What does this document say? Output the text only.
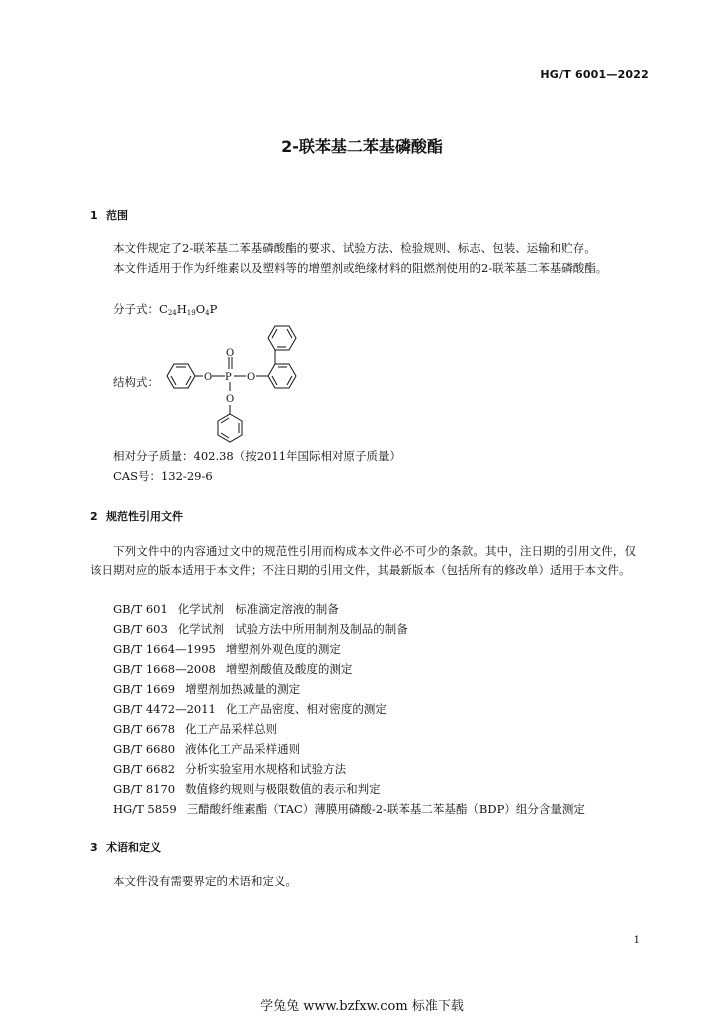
HG/T 6001—2022
2-联苯基二苯基磷酸酯
1 范围
本文件规定了2-联苯基二苯基磷酸酯的要求、试验方法、检验规则、标志、包装、运输和贮存。
本文件适用于作为纤维素以及塑料等的增塑剂或绝缘材料的阻燃剂使用的2-联苯基二苯基磷酸酯。
分子式：$C_{24}H_{19}O_4P$
结构式：	O P
O
O
O
相对分子质量：402.38（按2011年国际相对原子质量）
CAS号：132-29-6
2 规范性引用文件
下列文件中的内容通过文中的规范性引用而构成本文件必不可少的条款。其中，注日期的引用文件，仅该日期对应的版本适用于本文件；不注日期的引用文件，其最新版本（包括所有的修改单）适用于本文件。
GB/T 601 化学试剂　标准滴定溶液的制备
GB/T 603 化学试剂　试验方法中所用制剂及制品的制备
GB/T 1664—1995 增塑剂外观色度的测定
GB/T 1668—2008 增塑剂酸值及酸度的测定
GB/T 1669 增塑剂加热减量的测定
GB/T 4472—2011 化工产品密度、相对密度的测定
GB/T 6678 化工产品采样总则
GB/T 6680 液体化工产品采样通则
GB/T 6682 分析实验室用水规格和试验方法
GB/T 8170 数值修约规则与极限数值的表示和判定
HG/T 5859 三醋酸纤维素酯（TAC）薄膜用磷酸-2-联苯基二苯基酯（BDP）组分含量测定
3 术语和定义
本文件没有需要界定的术语和定义。
1
学兔兔 www.bzfxw.com 标准下载
